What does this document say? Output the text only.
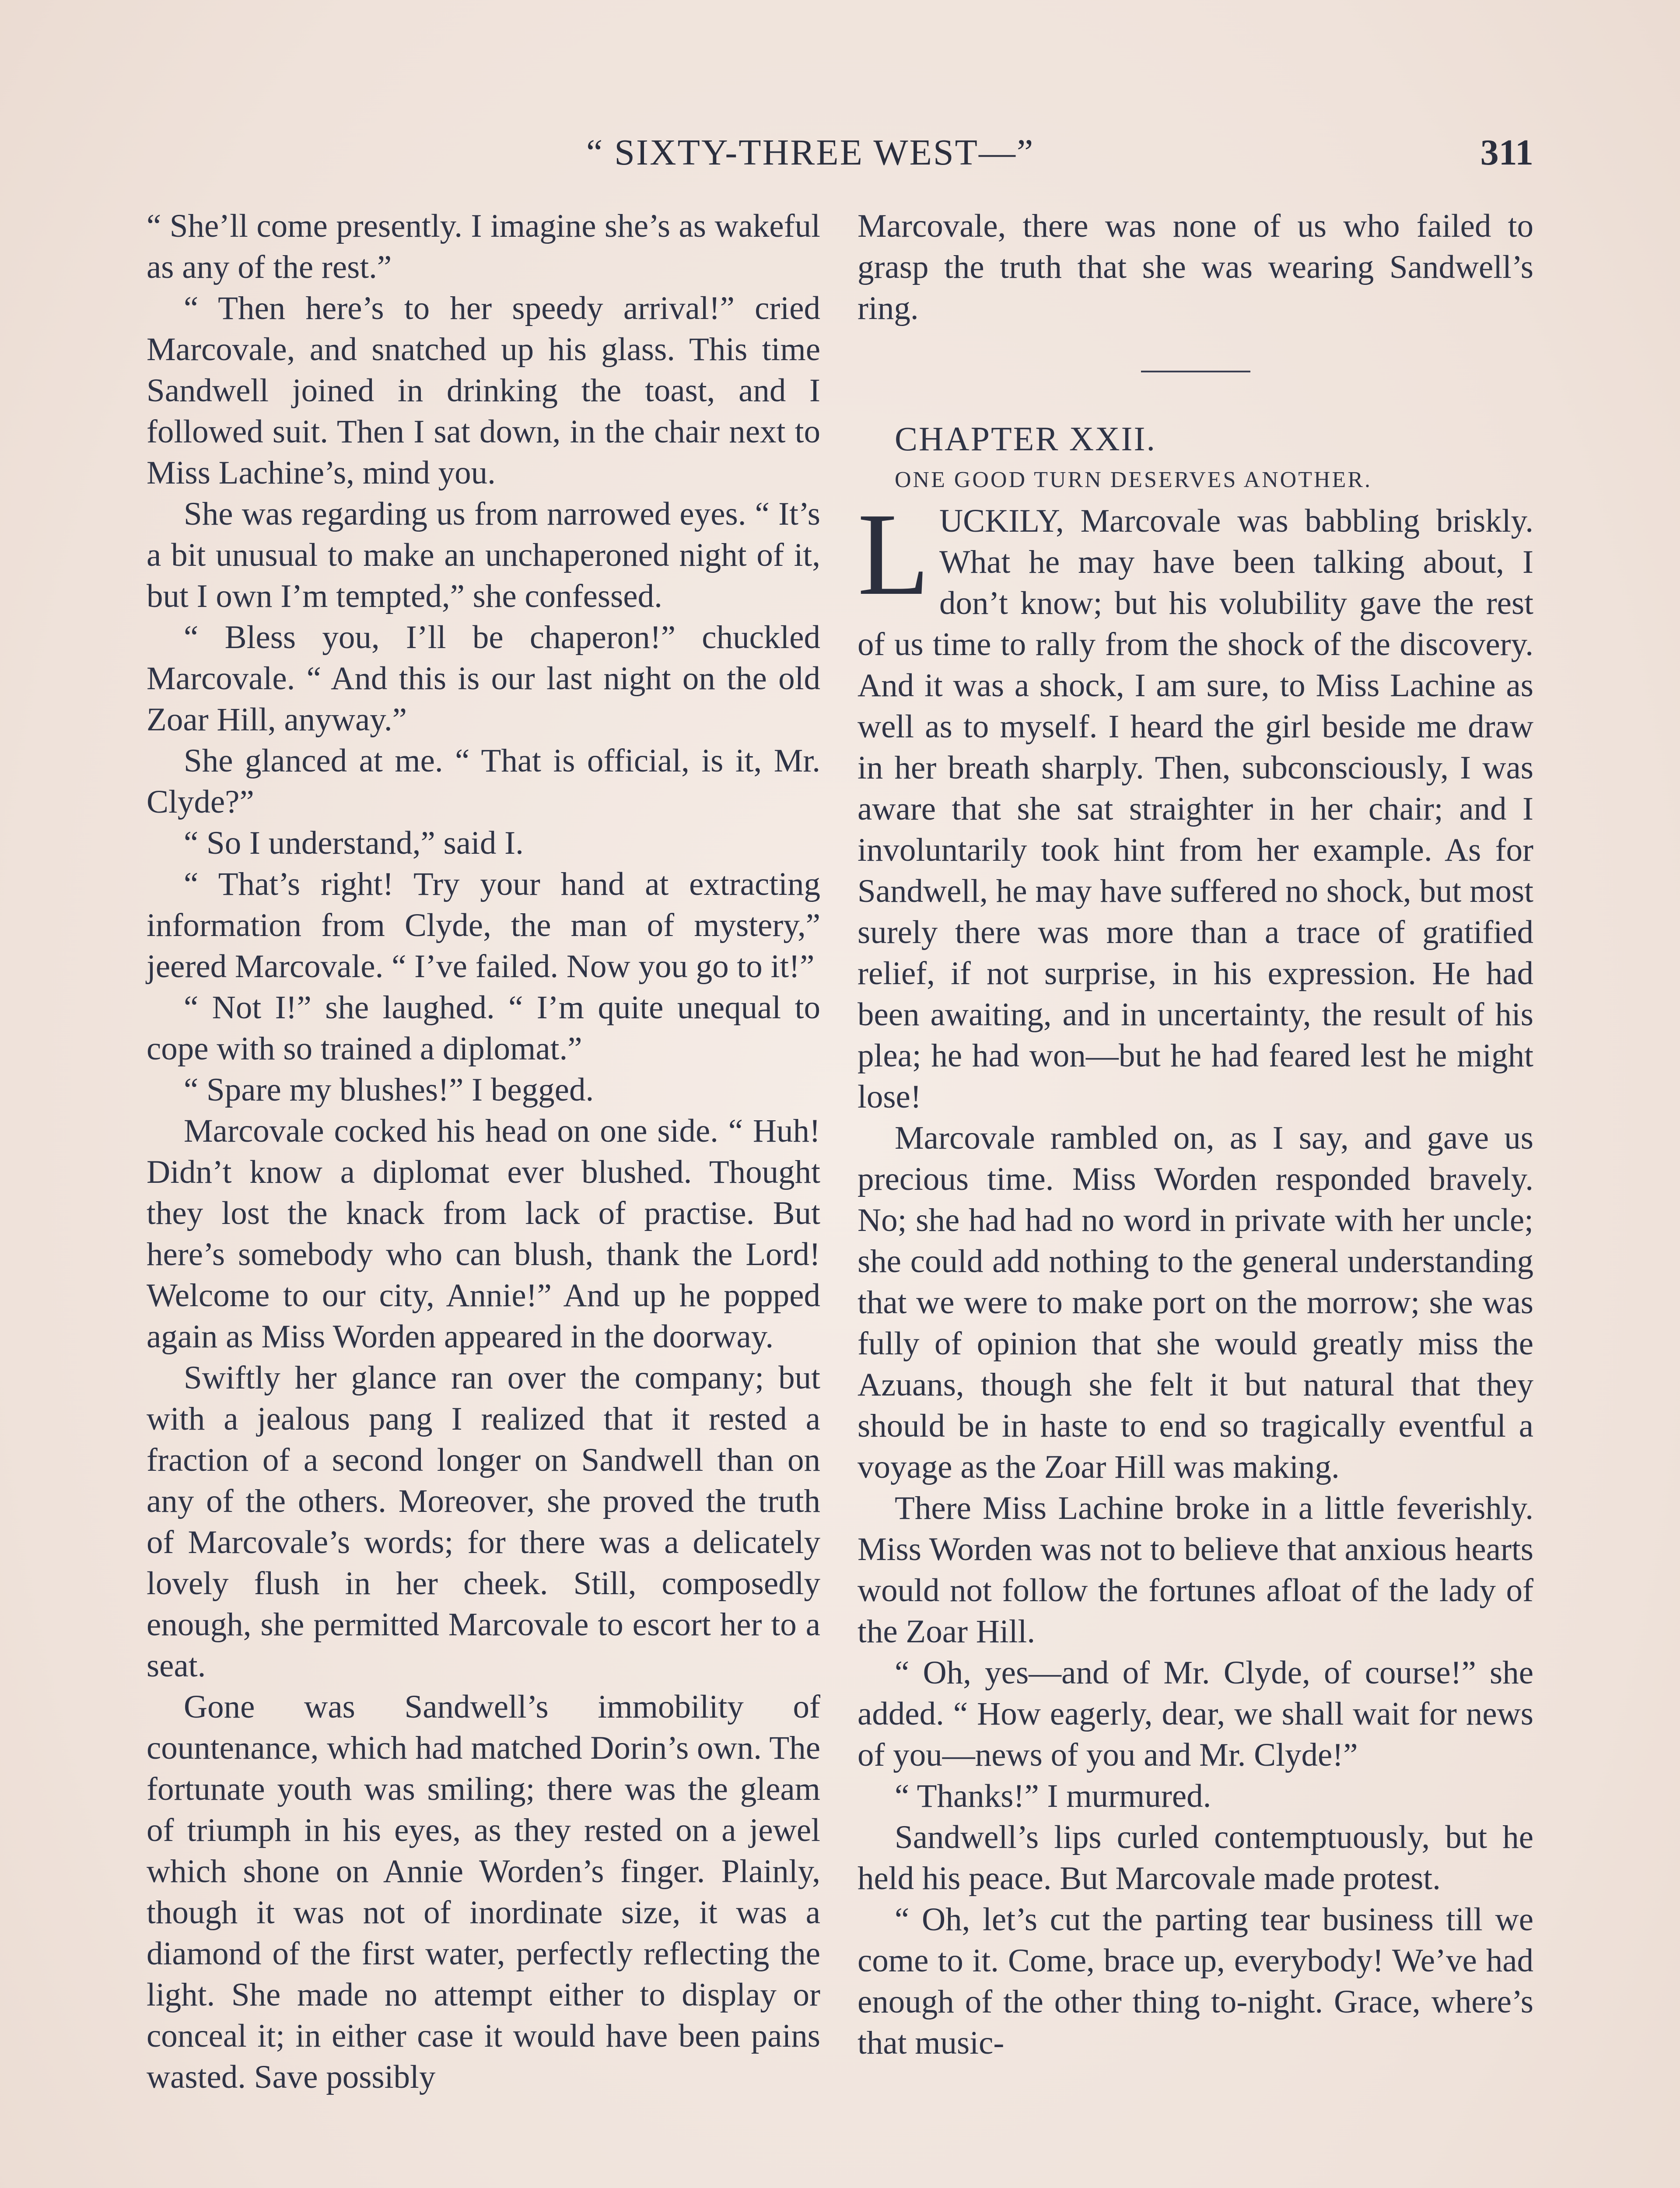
“ SIXTY-THREE WEST—”	311

“ She’ll come presently. I imagine she’s as wakeful as any of the rest.”

“ Then here’s to her speedy arrival!” cried Marcovale, and snatched up his glass. This time Sandwell joined in drinking the toast, and I followed suit. Then I sat down, in the chair next to Miss Lachine’s, mind you.

She was regarding us from narrowed eyes. “ It’s a bit unusual to make an unchaperoned night of it, but I own I’m tempted,” she confessed.

“ Bless you, I’ll be chaperon!” chuckled Marcovale. “ And this is our last night on the old Zoar Hill, anyway.”

She glanced at me. “ That is official, is it, Mr. Clyde?”

“ So I understand,” said I.

“ That’s right! Try your hand at extracting information from Clyde, the man of mystery,” jeered Marcovale. “ I’ve failed. Now you go to it!”

“ Not I!” she laughed. “ I’m quite unequal to cope with so trained a diplomat.”

“ Spare my blushes!” I begged.

Marcovale cocked his head on one side. “ Huh! Didn’t know a diplomat ever blushed. Thought they lost the knack from lack of practise. But here’s somebody who can blush, thank the Lord! Welcome to our city, Annie!” And up he popped again as Miss Worden appeared in the doorway.

Swiftly her glance ran over the company; but with a jealous pang I realized that it rested a fraction of a second longer on Sandwell than on any of the others. Moreover, she proved the truth of Marcovale’s words; for there was a delicately lovely flush in her cheek. Still, composedly enough, she permitted Marcovale to escort her to a seat.

Gone was Sandwell’s immobility of countenance, which had matched Dorin’s own. The fortunate youth was smiling; there was the gleam of triumph in his eyes, as they rested on a jewel which shone on Annie Worden’s finger. Plainly, though it was not of inordinate size, it was a diamond of the first water, perfectly reflecting the light. She made no attempt either to display or conceal it; in either case it would have been pains wasted. Save possibly

Marcovale, there was none of us who failed to grasp the truth that she was wearing Sandwell’s ring.

CHAPTER XXII.

ONE GOOD TURN DESERVES ANOTHER.

LUCKILY, Marcovale was babbling briskly. What he may have been talking about, I don’t know; but his volubility gave the rest of us time to rally from the shock of the discovery. And it was a shock, I am sure, to Miss Lachine as well as to myself. I heard the girl beside me draw in her breath sharply. Then, subconsciously, I was aware that she sat straighter in her chair; and I involuntarily took hint from her example. As for Sandwell, he may have suffered no shock, but most surely there was more than a trace of gratified relief, if not surprise, in his expression. He had been awaiting, and in uncertainty, the result of his plea; he had won—but he had feared lest he might lose!

Marcovale rambled on, as I say, and gave us precious time. Miss Worden responded bravely. No; she had had no word in private with her uncle; she could add nothing to the general understanding that we were to make port on the morrow; she was fully of opinion that she would greatly miss the Azuans, though she felt it but natural that they should be in haste to end so tragically eventful a voyage as the Zoar Hill was making.

There Miss Lachine broke in a little feverishly. Miss Worden was not to believe that anxious hearts would not follow the fortunes afloat of the lady of the Zoar Hill.

“ Oh, yes—and of Mr. Clyde, of course!” she added. “ How eagerly, dear, we shall wait for news of you—news of you and Mr. Clyde!”

“ Thanks!” I murmured.

Sandwell’s lips curled contemptuously, but he held his peace. But Marcovale made protest.

“ Oh, let’s cut the parting tear business till we come to it. Come, brace up, everybody! We’ve had enough of the other thing to-night. Grace, where’s that music-
